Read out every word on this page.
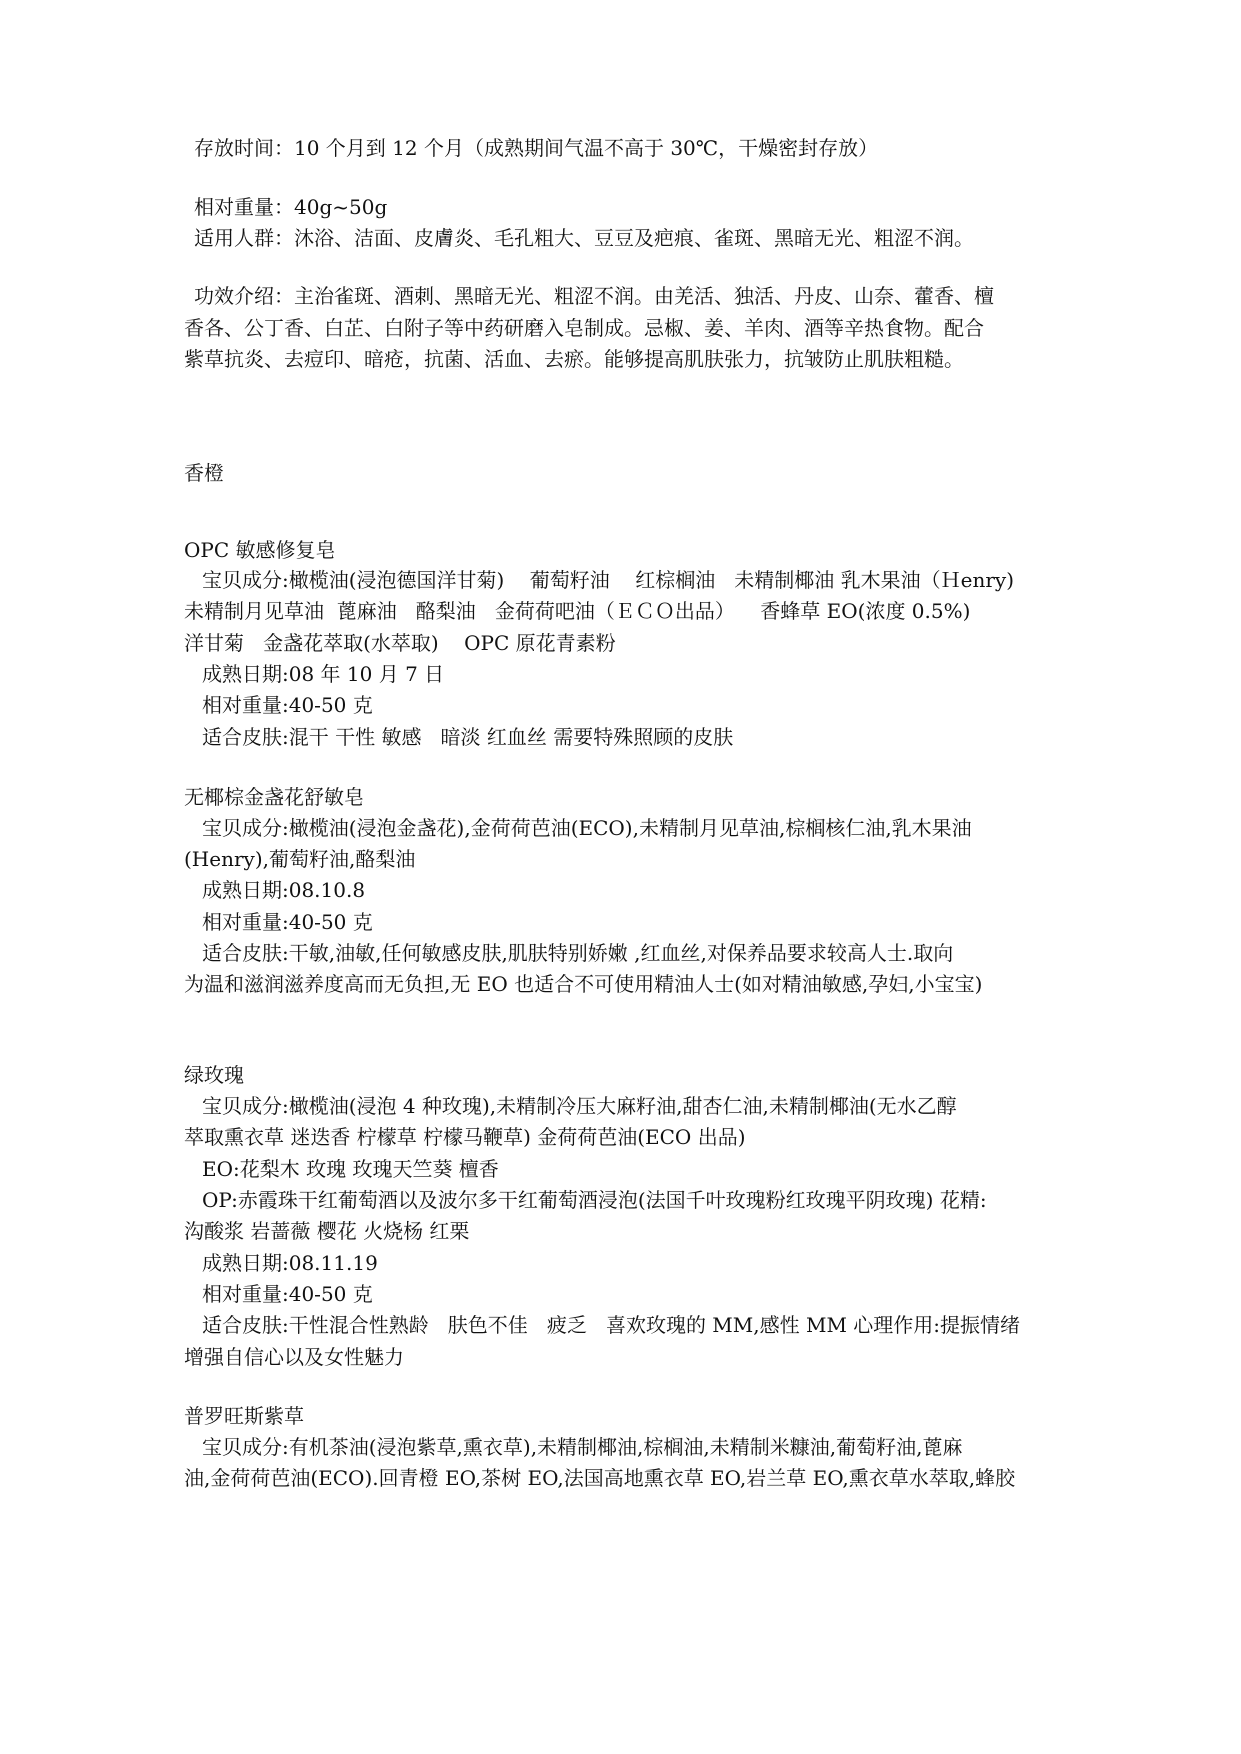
存放时间：10 个月到 12 个月（成熟期间气温不高于 30℃，干燥密封存放）
相对重量：40g~50g
适用人群：沐浴、洁面、皮膚炎、毛孔粗大、豆豆及疤痕、雀斑、黑暗无光、粗涩不润。
功效介绍：主治雀斑、酒刺、黑暗无光、粗涩不润。由羌活、独活、丹皮、山奈、藿香、檀
香各、公丁香、白芷、白附子等中药研磨入皂制成。忌椒、姜、羊肉、酒等辛热食物。配合
紫草抗炎、去痘印、暗疮，抗菌、活血、去瘀。能够提高肌肤张力，抗皱防止肌肤粗糙。
香橙
OPC 敏感修复皂
宝贝成分:橄榄油(浸泡德国洋甘菊)    葡萄籽油    红棕榈油   未精制椰油 乳木果油（Ｈenry)
未精制月见草油  蓖麻油   酪梨油   金荷荷吧油（ＥＣＯ出品）    香蜂草 EO(浓度 0.5%)
洋甘菊   金盏花萃取(水萃取)    OPC 原花青素粉
成熟日期:08 年 10 月 7 日
相对重量:40-50 克
适合皮肤:混干 干性 敏感   暗淡 红血丝 需要特殊照顾的皮肤
无椰棕金盏花舒敏皂
宝贝成分:橄榄油(浸泡金盏花),金荷荷芭油(ECO),未精制月见草油,棕榈核仁油,乳木果油
(Henry),葡萄籽油,酪梨油
成熟日期:08.10.8
相对重量:40-50 克
适合皮肤:干敏,油敏,任何敏感皮肤,肌肤特别娇嫩 ,红血丝,对保养品要求较高人士.取向
为温和滋润滋养度高而无负担,无 EO 也适合不可使用精油人士(如对精油敏感,孕妇,小宝宝)
绿玫瑰
宝贝成分:橄榄油(浸泡 4 种玫瑰),未精制冷压大麻籽油,甜杏仁油,未精制椰油(无水乙醇
萃取熏衣草 迷迭香 柠檬草 柠檬马鞭草) 金荷荷芭油(ECO 出品)
EO:花梨木 玫瑰 玫瑰天竺葵 檀香
OP:赤霞珠干红葡萄酒以及波尔多干红葡萄酒浸泡(法国千叶玫瑰粉红玫瑰平阴玫瑰) 花精:
沟酸浆 岩蔷薇 樱花 火烧杨 红栗
成熟日期:08.11.19
相对重量:40-50 克
适合皮肤:干性混合性熟龄   肤色不佳   疲乏   喜欢玫瑰的 MM,感性 MM 心理作用:提振情绪
增强自信心以及女性魅力
普罗旺斯紫草
宝贝成分:有机茶油(浸泡紫草,熏衣草),未精制椰油,棕榈油,未精制米糠油,葡萄籽油,蓖麻
油,金荷荷芭油(ECO).回青橙 EO,茶树 EO,法国高地熏衣草 EO,岩兰草 EO,熏衣草水萃取,蜂胶
